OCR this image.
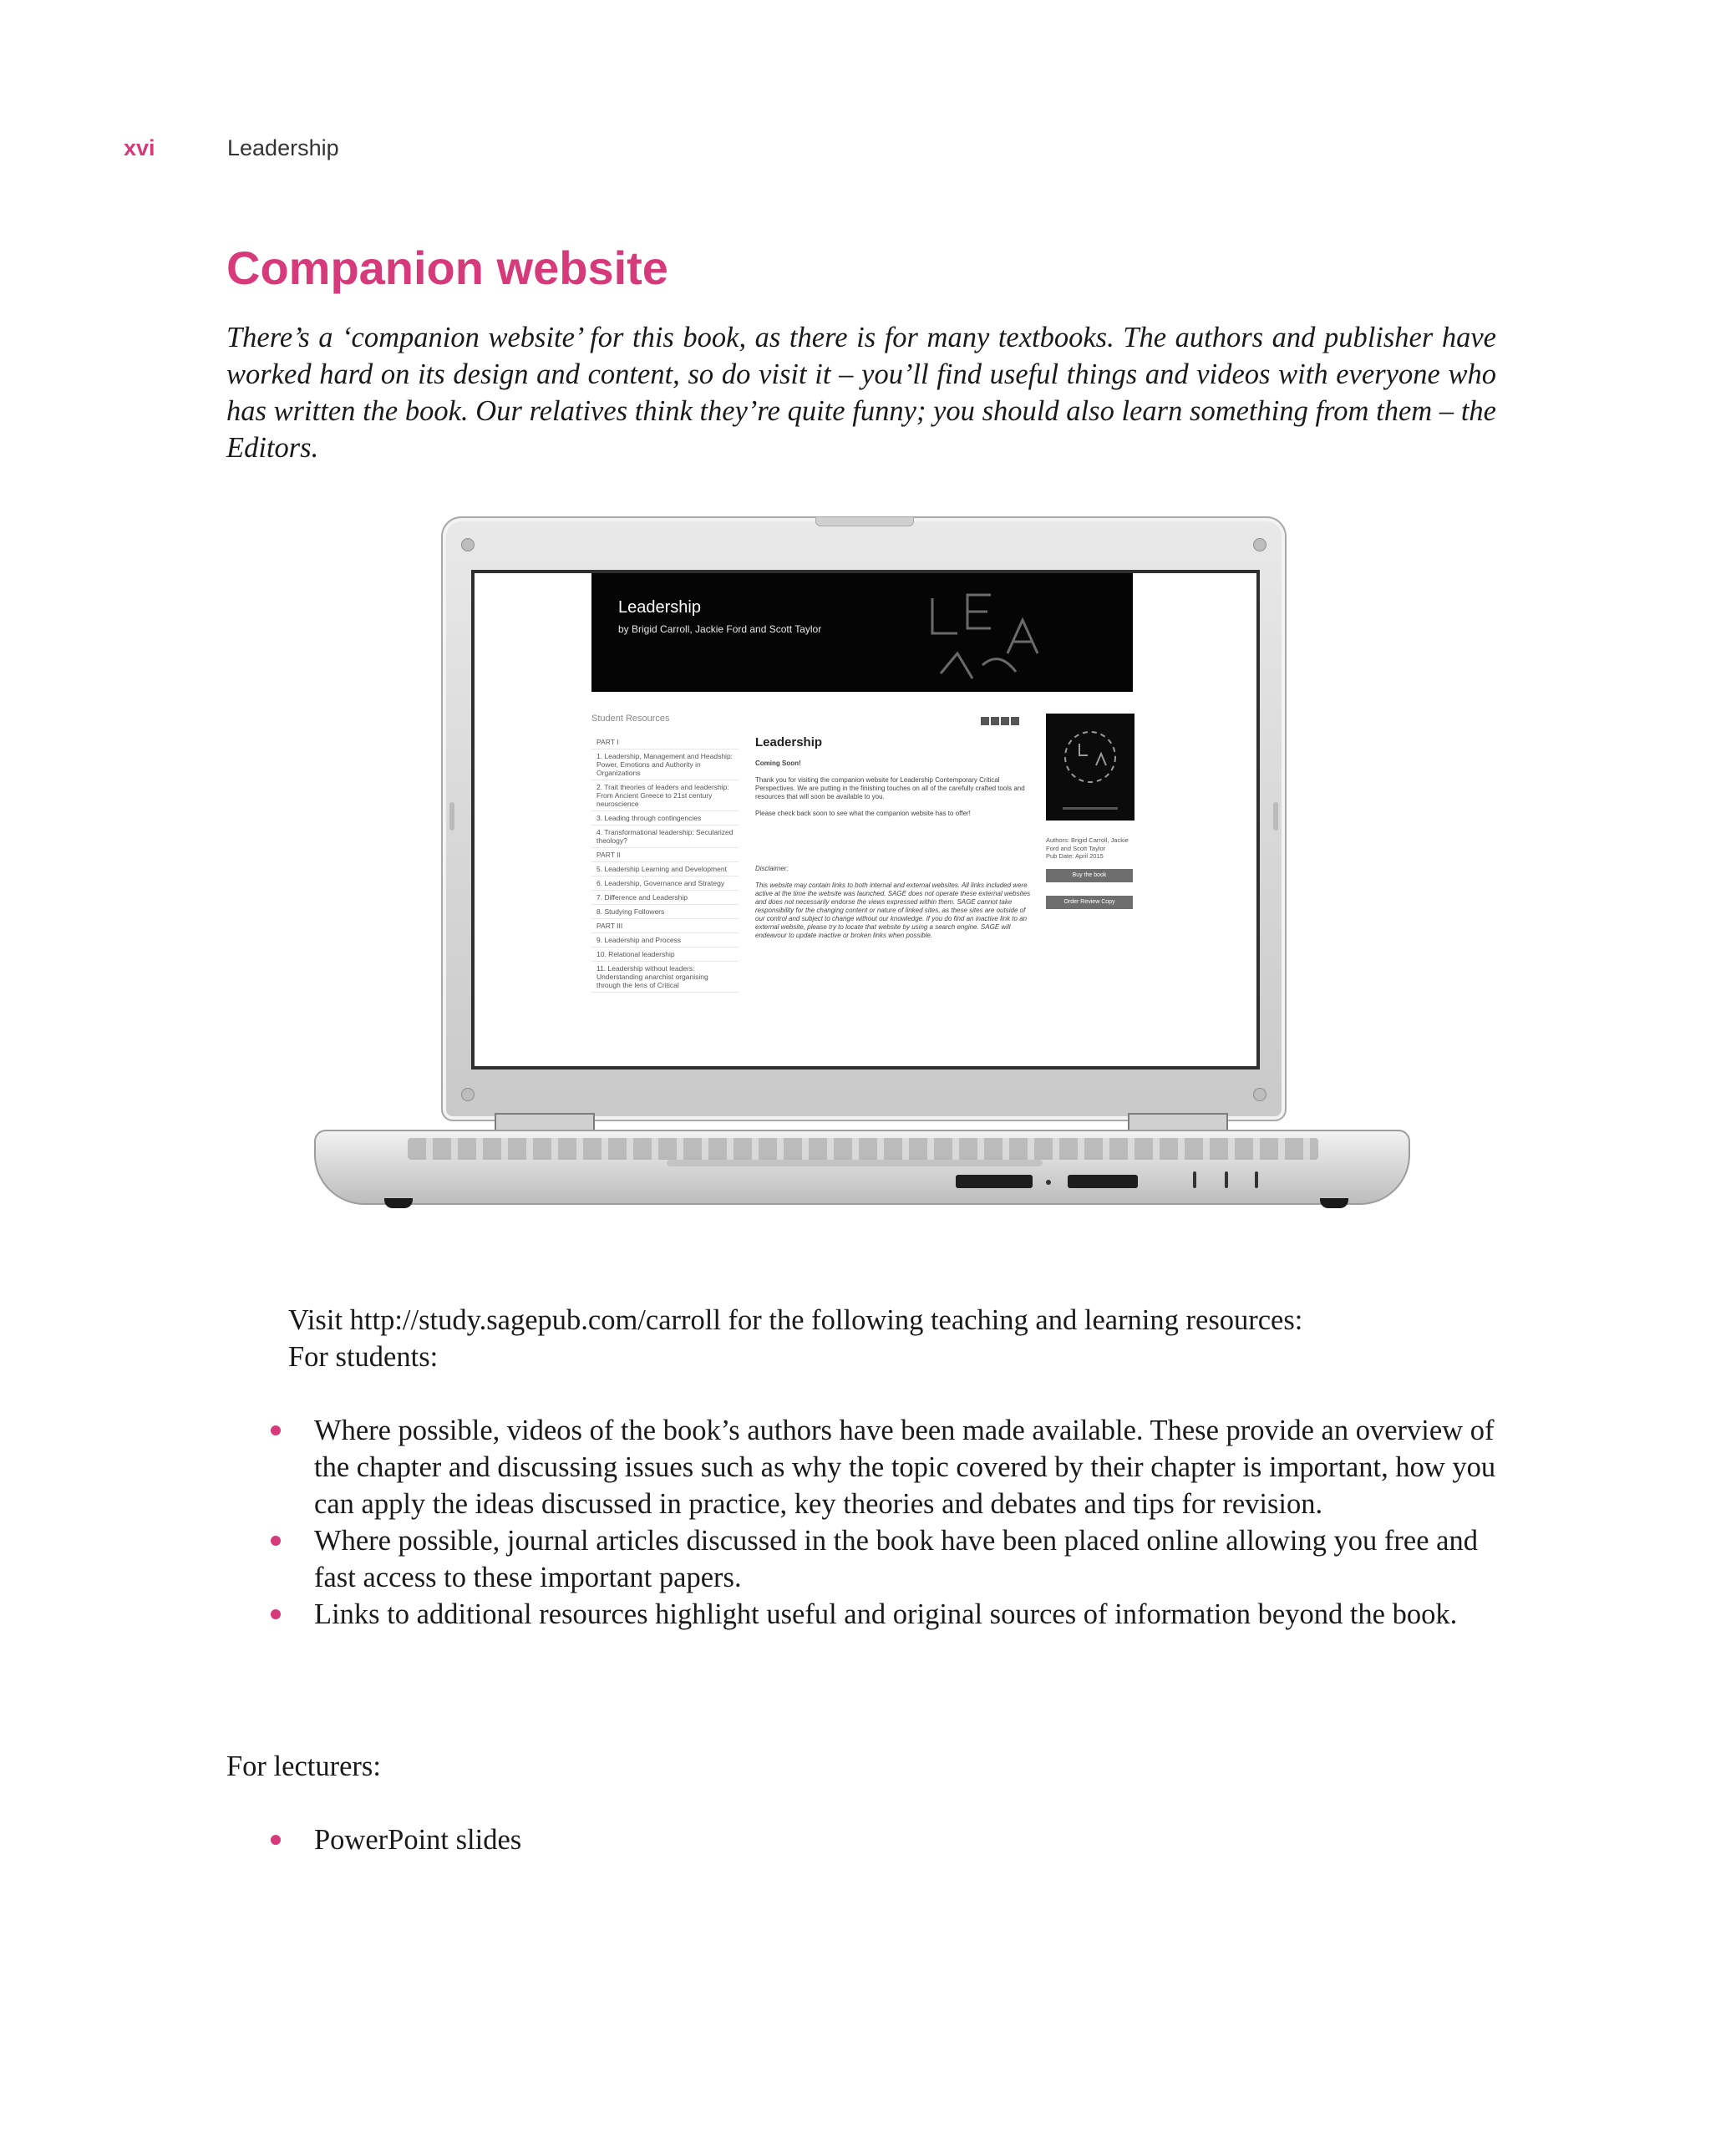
xvi	Leadership
Companion website

There’s a ‘companion website’ for this book, as there is for many textbooks. The authors and publisher have worked hard on its design and content, so do visit it – you’ll find useful things and videos with everyone who has written the book. Our relatives think they’re quite funny; you should also learn something from them – the Editors.

Leadership
by Brigid Carroll, Jackie Ford and Scott Taylor
Student Resources
PART I
1. Leadership, Management and Headship: Power, Emotions and Authority in Organizations
2. Trait theories of leaders and leadership: From Ancient Greece to 21st century neuroscience
3. Leading through contingencies
4. Transformational leadership: Secularized theology?
PART II
5. Leadership Learning and Development
6. Leadership, Governance and Strategy
7. Difference and Leadership
8. Studying Followers
PART III
9. Leadership and Process
10. Relational leadership
11. Leadership without leaders: Understanding anarchist organising through the lens of Critical
Leadership

Coming Soon!

Thank you for visiting the companion website for Leadership Contemporary Critical Perspectives. We are putting in the finishing touches on all of the carefully crafted tools and resources that will soon be available to you.

Please check back soon to see what the companion website has to offer!

Disclaimer:

This website may contain links to both internal and external websites. All links included were active at the time the website was launched. SAGE does not operate these external websites and does not necessarily endorse the views expressed within them. SAGE cannot take responsibility for the changing content or nature of linked sites, as these sites are outside of our control and subject to change without our knowledge. If you do find an inactive link to an external website, please try to locate that website by using a search engine. SAGE will endeavour to update inactive or broken links when possible.

Authors: Brigid Carroll, Jackie Ford and Scott Taylor
Pub Date: April 2015
Buy the book
Order Review Copy

Visit http://study.sagepub.com/carroll for the following teaching and learning resources:

For students:

Where possible, videos of the book’s authors have been made available. These provide an overview of the chapter and discussing issues such as why the topic covered by their chapter is important, how you can apply the ideas discussed in practice, key theories and debates and tips for revision.
Where possible, journal articles discussed in the book have been placed online allowing you free and fast access to these important papers.
Links to additional resources highlight useful and original sources of information beyond the book.

For lecturers:

PowerPoint slides
